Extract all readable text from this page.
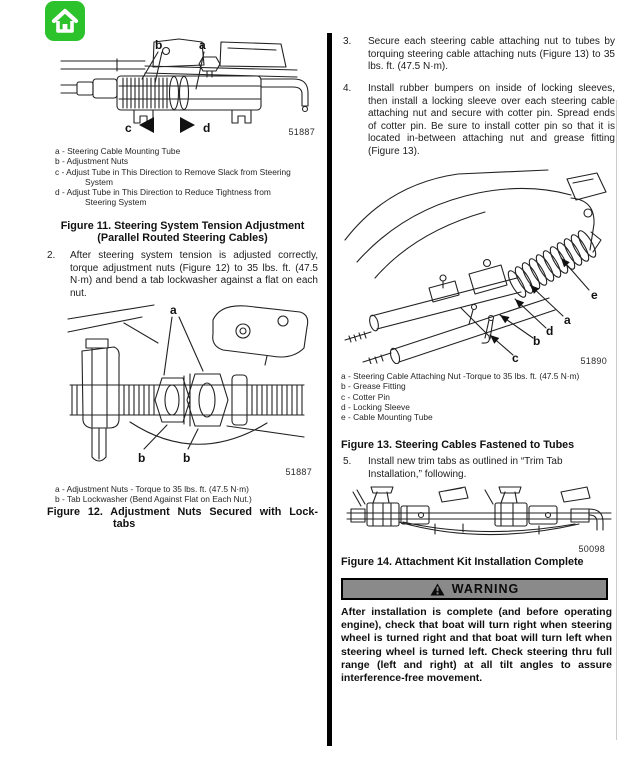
b	a
c	d	51887
a - Steering Cable Mounting Tube
b - Adjustment Nuts
c - Adjust Tube in This Direction to Remove Slack from Steering
System
d - Adjust Tube in This Direction to Reduce Tightness from
Steering System
Figure 11. Steering System Tension Adjustment
(Parallel Routed Steering Cables)
2.	After steering system tension is adjusted correctly, torque adjustment nuts (Figure 12) to 35 lbs. ft. (47.5 N·m) and bend a tab lockwasher against a flat on each nut.
a
b	b
51887
a - Adjustment Nuts - Torque to 35 lbs. ft. (47.5 N·m)
b - Tab Lockwasher (Bend Against Flat on Each Nut.)
Figure 12. Adjustment Nuts Secured with Lock-
tabs
3.	Secure each steering cable attaching nut to tubes by torquing steering cable attaching nuts (Figure 13) to 35 lbs. ft. (47.5 N·m).
4.	Install rubber bumpers on inside of locking sleeves, then install a locking sleeve over each steering cable attaching nut and secure with cotter pin. Spread ends of cotter pin. Be sure to install cotter pin so that it is located in-between attaching nut and grease fitting (Figure 13).
e
a
d
b
c	51890
a - Steering Cable Attaching Nut -Torque to 35 lbs. ft. (47.5 N·m)
b - Grease Fitting
c - Cotter Pin
d - Locking Sleeve
e - Cable Mounting Tube
Figure 13. Steering Cables Fastened to Tubes
5.	Install new trim tabs as outlined in “Trim Tab Installation,” following.
50098
Figure 14. Attachment Kit Installation Complete
WARNING
After installation is complete (and before operating engine), check that boat will turn right when steering wheel is turned right and that boat will turn left when steering wheel is turned left. Check steering thru full range (left and right) at all tilt angles to assure interference-free movement.
